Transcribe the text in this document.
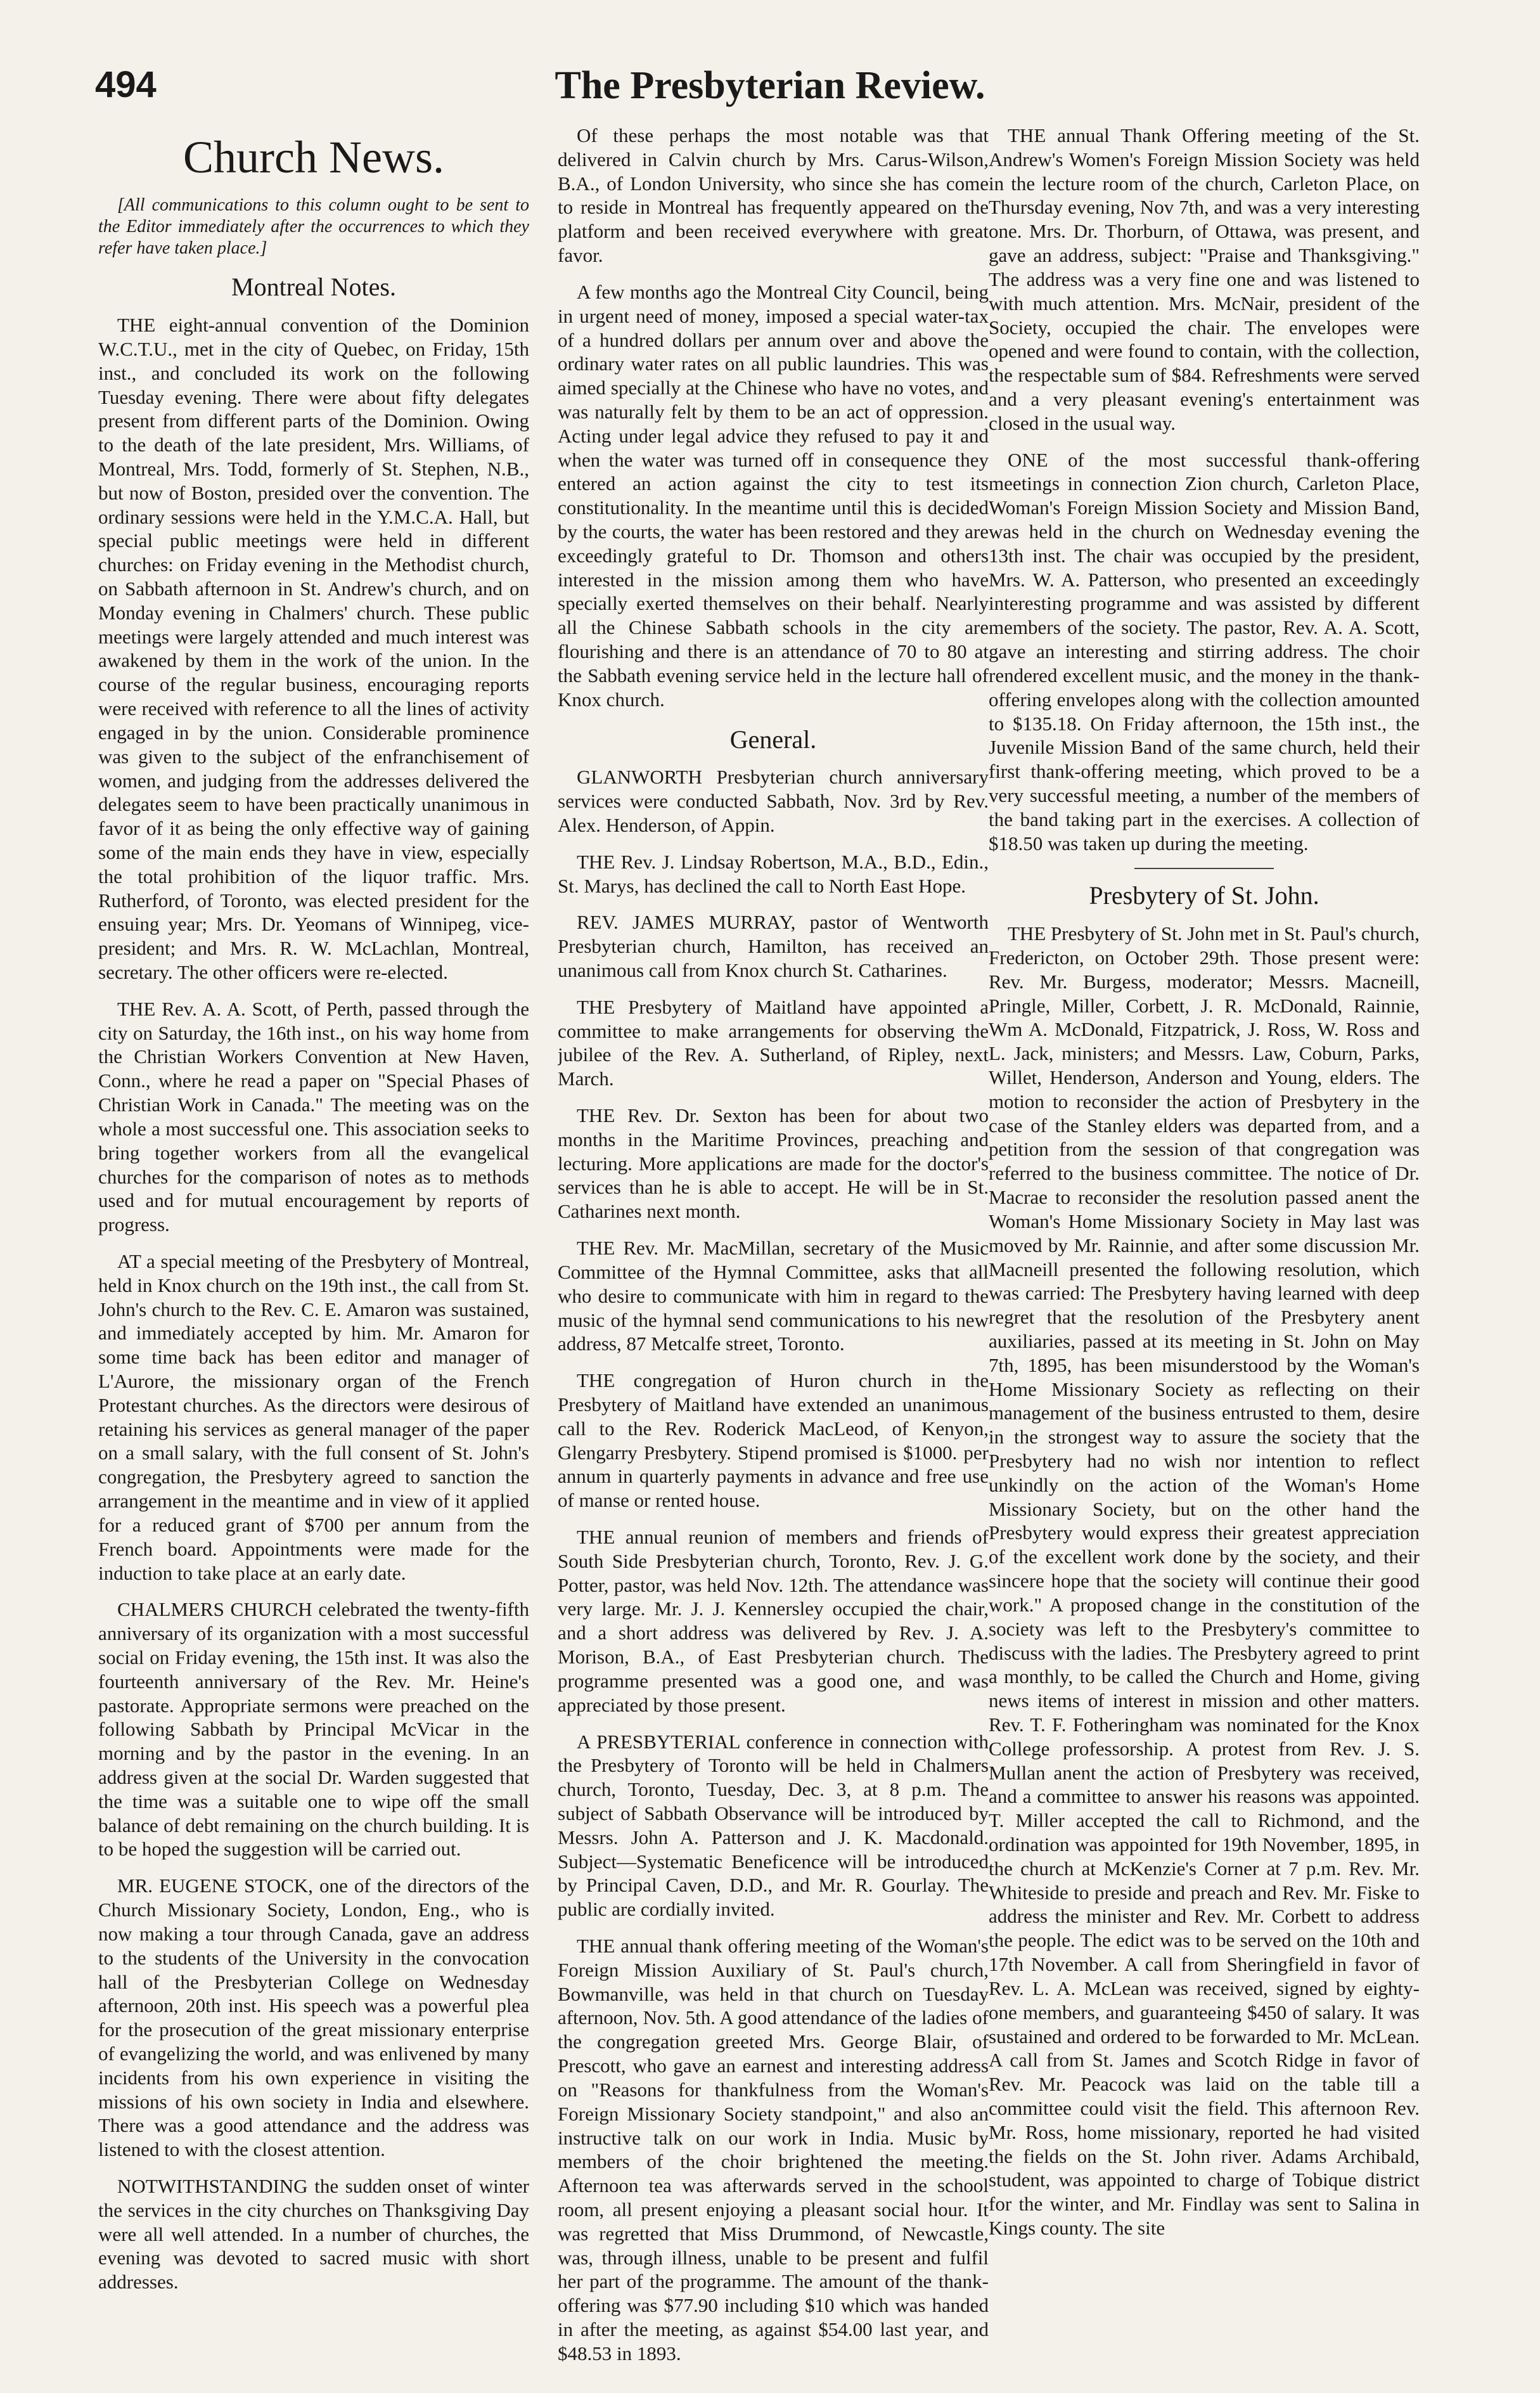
494	The Presbyterian Review.
Church News.

[All communications to this column ought to be sent to the Editor immediately after the occurrences to which they refer have taken place.]

Montreal Notes.

THE eight-annual convention of the Dominion W.C.T.U., met in the city of Quebec, on Friday, 15th inst., and concluded its work on the following Tuesday evening. There were about fifty delegates present from different parts of the Dominion. Owing to the death of the late president, Mrs. Williams, of Montreal, Mrs. Todd, formerly of St. Stephen, N.B., but now of Boston, presided over the convention. The ordinary sessions were held in the Y.M.C.A. Hall, but special public meetings were held in different churches: on Friday evening in the Methodist church, on Sabbath afternoon in St. Andrew's church, and on Monday evening in Chalmers' church. These public meetings were largely attended and much interest was awakened by them in the work of the union. In the course of the regular business, encouraging reports were received with reference to all the lines of activity engaged in by the union. Considerable prominence was given to the subject of the enfranchisement of women, and judging from the addresses delivered the delegates seem to have been practically unanimous in favor of it as being the only effective way of gaining some of the main ends they have in view, especially the total prohibition of the liquor traffic. Mrs. Rutherford, of Toronto, was elected president for the ensuing year; Mrs. Dr. Yeomans of Winnipeg, vice-president; and Mrs. R. W. McLachlan, Montreal, secretary. The other officers were re-elected.

THE Rev. A. A. Scott, of Perth, passed through the city on Saturday, the 16th inst., on his way home from the Christian Workers Convention at New Haven, Conn., where he read a paper on "Special Phases of Christian Work in Canada." The meeting was on the whole a most successful one. This association seeks to bring together workers from all the evangelical churches for the comparison of notes as to methods used and for mutual encouragement by reports of progress.

AT a special meeting of the Presbytery of Montreal, held in Knox church on the 19th inst., the call from St. John's church to the Rev. C. E. Amaron was sustained, and immediately accepted by him. Mr. Amaron for some time back has been editor and manager of L'Aurore, the missionary organ of the French Protestant churches. As the directors were desirous of retaining his services as general manager of the paper on a small salary, with the full consent of St. John's congregation, the Presbytery agreed to sanction the arrangement in the meantime and in view of it applied for a reduced grant of $700 per annum from the French board. Appointments were made for the induction to take place at an early date.

CHALMERS CHURCH celebrated the twenty-fifth anniversary of its organization with a most successful social on Friday evening, the 15th inst. It was also the fourteenth anniversary of the Rev. Mr. Heine's pastorate. Appropriate sermons were preached on the following Sabbath by Principal McVicar in the morning and by the pastor in the evening. In an address given at the social Dr. Warden suggested that the time was a suitable one to wipe off the small balance of debt remaining on the church building. It is to be hoped the suggestion will be carried out.

MR. EUGENE STOCK, one of the directors of the Church Missionary Society, London, Eng., who is now making a tour through Canada, gave an address to the students of the University in the convocation hall of the Presbyterian College on Wednesday afternoon, 20th inst. His speech was a powerful plea for the prosecution of the great missionary enterprise of evangelizing the world, and was enlivened by many incidents from his own experience in visiting the missions of his own society in India and elsewhere. There was a good attendance and the address was listened to with the closest attention.

NOTWITHSTANDING the sudden onset of winter the services in the city churches on Thanksgiving Day were all well attended. In a number of churches, the evening was devoted to sacred music with short addresses.

Of these perhaps the most notable was that delivered in Calvin church by Mrs. Carus-Wilson, B.A., of London University, who since she has come to reside in Montreal has frequently appeared on the platform and been received everywhere with great favor.

A few months ago the Montreal City Council, being in urgent need of money, imposed a special water-tax of a hundred dollars per annum over and above the ordinary water rates on all public laundries. This was aimed specially at the Chinese who have no votes, and was naturally felt by them to be an act of oppression. Acting under legal advice they refused to pay it and when the water was turned off in consequence they entered an action against the city to test its constitutionality. In the meantime until this is decided by the courts, the water has been restored and they are exceedingly grateful to Dr. Thomson and others interested in the mission among them who have specially exerted themselves on their behalf. Nearly all the Chinese Sabbath schools in the city are flourishing and there is an attendance of 70 to 80 at the Sabbath evening service held in the lecture hall of Knox church.

General.

GLANWORTH Presbyterian church anniversary services were conducted Sabbath, Nov. 3rd by Rev. Alex. Henderson, of Appin.

THE Rev. J. Lindsay Robertson, M.A., B.D., Edin., St. Marys, has declined the call to North East Hope.

REV. JAMES MURRAY, pastor of Wentworth Presbyterian church, Hamilton, has received an unanimous call from Knox church St. Catharines.

THE Presbytery of Maitland have appointed a committee to make arrangements for observing the jubilee of the Rev. A. Sutherland, of Ripley, next March.

THE Rev. Dr. Sexton has been for about two months in the Maritime Provinces, preaching and lecturing. More applications are made for the doctor's services than he is able to accept. He will be in St. Catharines next month.

THE Rev. Mr. MacMillan, secretary of the Music Committee of the Hymnal Committee, asks that all who desire to communicate with him in regard to the music of the hymnal send communications to his new address, 87 Metcalfe street, Toronto.

THE congregation of Huron church in the Presbytery of Maitland have extended an unanimous call to the Rev. Roderick MacLeod, of Kenyon, Glengarry Presbytery. Stipend promised is $1000. per annum in quarterly payments in advance and free use of manse or rented house.

THE annual reunion of members and friends of South Side Presbyterian church, Toronto, Rev. J. G. Potter, pastor, was held Nov. 12th. The attendance was very large. Mr. J. J. Kennersley occupied the chair, and a short address was delivered by Rev. J. A. Morison, B.A., of East Presbyterian church. The programme presented was a good one, and was appreciated by those present.

A PRESBYTERIAL conference in connection with the Presbytery of Toronto will be held in Chalmers church, Toronto, Tuesday, Dec. 3, at 8 p.m. The subject of Sabbath Observance will be introduced by Messrs. John A. Patterson and J. K. Macdonald. Subject—Systematic Beneficence will be introduced by Principal Caven, D.D., and Mr. R. Gourlay. The public are cordially invited.

THE annual thank offering meeting of the Woman's Foreign Mission Auxiliary of St. Paul's church, Bowmanville, was held in that church on Tuesday afternoon, Nov. 5th. A good attendance of the ladies of the congregation greeted Mrs. George Blair, of Prescott, who gave an earnest and interesting address on "Reasons for thankfulness from the Woman's Foreign Missionary Society standpoint," and also an instructive talk on our work in India. Music by members of the choir brightened the meeting. Afternoon tea was afterwards served in the school room, all present enjoying a pleasant social hour. It was regretted that Miss Drummond, of Newcastle, was, through illness, unable to be present and fulfil her part of the programme. The amount of the thank-offering was $77.90 including $10 which was handed in after the meeting, as against $54.00 last year, and $48.53 in 1893.

THE annual Thank Offering meeting of the St. Andrew's Women's Foreign Mission Society was held in the lecture room of the church, Carleton Place, on Thursday evening, Nov 7th, and was a very interesting one. Mrs. Dr. Thorburn, of Ottawa, was present, and gave an address, subject: "Praise and Thanksgiving." The address was a very fine one and was listened to with much attention. Mrs. McNair, president of the Society, occupied the chair. The envelopes were opened and were found to contain, with the collection, the respectable sum of $84. Refreshments were served and a very pleasant evening's entertainment was closed in the usual way.

ONE of the most successful thank-offering meetings in connection Zion church, Carleton Place, Woman's Foreign Mission Society and Mission Band, was held in the church on Wednesday evening the 13th inst. The chair was occupied by the president, Mrs. W. A. Patterson, who presented an exceedingly interesting programme and was assisted by different members of the society. The pastor, Rev. A. A. Scott, gave an interesting and stirring address. The choir rendered excellent music, and the money in the thank-offering envelopes along with the collection amounted to $135.18. On Friday afternoon, the 15th inst., the Juvenile Mission Band of the same church, held their first thank-offering meeting, which proved to be a very successful meeting, a number of the members of the band taking part in the exercises. A collection of $18.50 was taken up during the meeting.

Presbytery of St. John.

THE Presbytery of St. John met in St. Paul's church, Fredericton, on October 29th. Those present were: Rev. Mr. Burgess, moderator; Messrs. Macneill, Pringle, Miller, Corbett, J. R. McDonald, Rainnie, Wm A. McDonald, Fitzpatrick, J. Ross, W. Ross and L. Jack, ministers; and Messrs. Law, Coburn, Parks, Willet, Henderson, Anderson and Young, elders. The motion to reconsider the action of Presbytery in the case of the Stanley elders was departed from, and a petition from the session of that congregation was referred to the business committee. The notice of Dr. Macrae to reconsider the resolution passed anent the Woman's Home Missionary Society in May last was moved by Mr. Rainnie, and after some discussion Mr. Macneill presented the following resolution, which was carried: The Presbytery having learned with deep regret that the resolution of the Presbytery anent auxiliaries, passed at its meeting in St. John on May 7th, 1895, has been misunderstood by the Woman's Home Missionary Society as reflecting on their management of the business entrusted to them, desire in the strongest way to assure the society that the Presbytery had no wish nor intention to reflect unkindly on the action of the Woman's Home Missionary Society, but on the other hand the Presbytery would express their greatest appreciation of the excellent work done by the society, and their sincere hope that the society will continue their good work." A proposed change in the constitution of the society was left to the Presbytery's committee to discuss with the ladies. The Presbytery agreed to print a monthly, to be called the Church and Home, giving news items of interest in mission and other matters. Rev. T. F. Fotheringham was nominated for the Knox College professorship. A protest from Rev. J. S. Mullan anent the action of Presbytery was received, and a committee to answer his reasons was appointed. T. Miller accepted the call to Richmond, and the ordination was appointed for 19th November, 1895, in the church at McKenzie's Corner at 7 p.m. Rev. Mr. Whiteside to preside and preach and Rev. Mr. Fiske to address the minister and Rev. Mr. Corbett to address the people. The edict was to be served on the 10th and 17th November. A call from Sheringfield in favor of Rev. L. A. McLean was received, signed by eighty-one members, and guaranteeing $450 of salary. It was sustained and ordered to be forwarded to Mr. McLean. A call from St. James and Scotch Ridge in favor of Rev. Mr. Peacock was laid on the table till a committee could visit the field. This afternoon Rev. Mr. Ross, home missionary, reported he had visited the fields on the St. John river. Adams Archibald, student, was appointed to charge of Tobique district for the winter, and Mr. Findlay was sent to Salina in Kings county. The site
